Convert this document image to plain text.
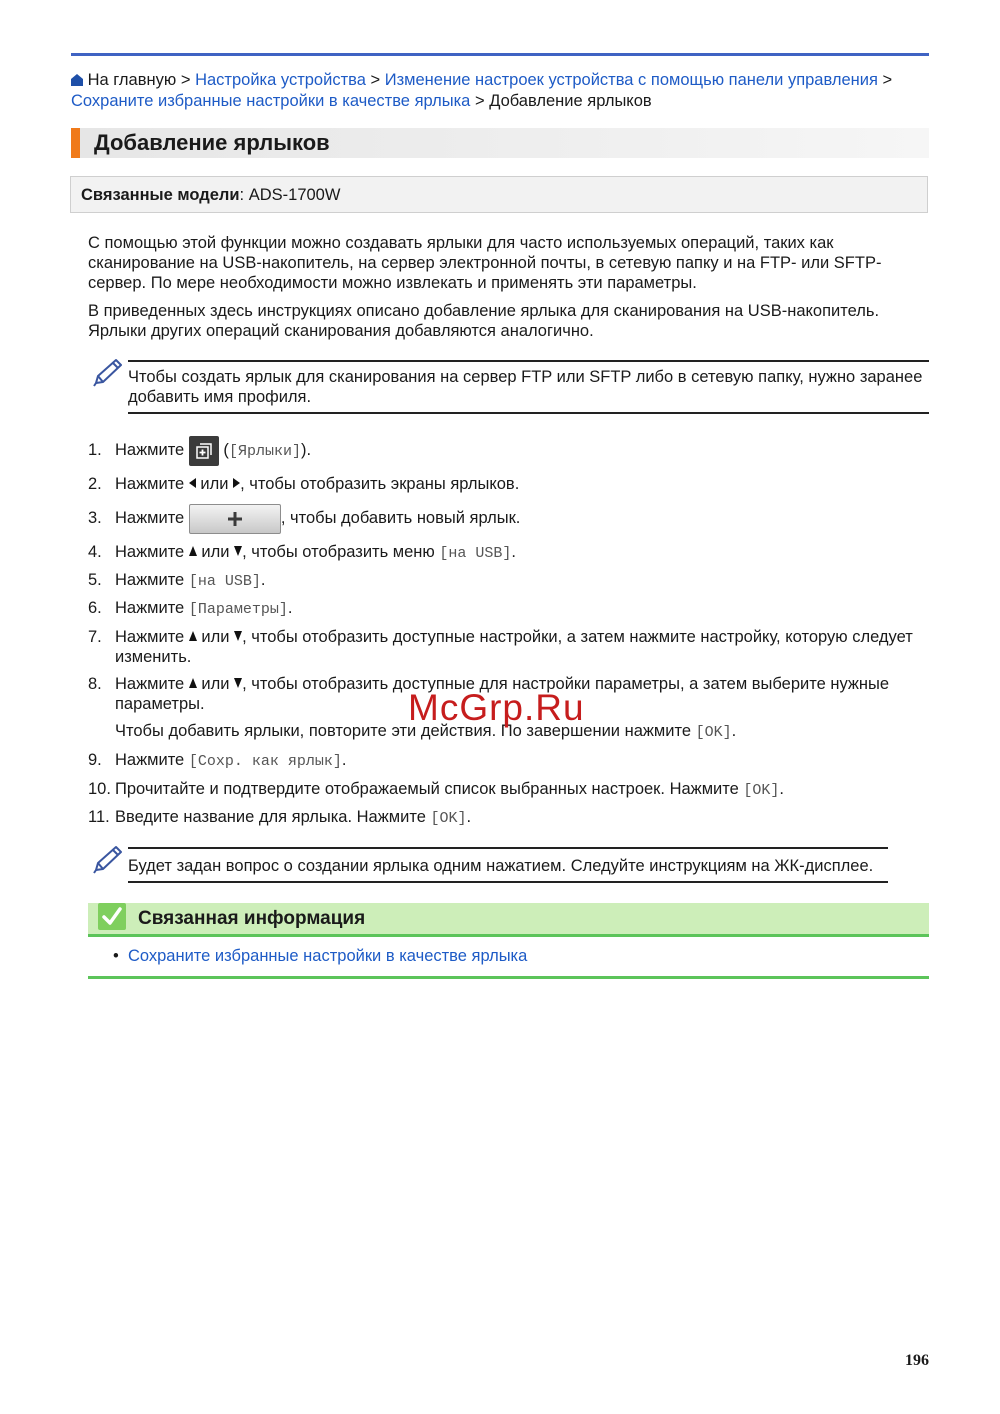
На главную > Настройка устройства > Изменение настроек устройства с помощью панели управления > Сохраните избранные настройки в качестве ярлыка > Добавление ярлыков
Добавление ярлыков
Связанные модели: ADS-1700W
С помощью этой функции можно создавать ярлыки для часто используемых операций, таких как сканирование на USB-накопитель, на сервер электронной почты, в сетевую папку и на FTP- или SFTP-сервер. По мере необходимости можно извлекать и применять эти параметры.
В приведенных здесь инструкциях описано добавление ярлыка для сканирования на USB-накопитель. Ярлыки других операций сканирования добавляются аналогично.
Чтобы создать ярлык для сканирования на сервер FTP или SFTP либо в сетевую папку, нужно заранее добавить имя профиля.
1. Нажмите
([Ярлыки]).
2. Нажмите  или , чтобы отобразить экраны ярлыков.
3. Нажмите	, чтобы добавить новый ярлык.
4. Нажмите  или , чтобы отобразить меню [на USB].
5. Нажмите [на USB].
6. Нажмите [Параметры].
7. Нажмите  или , чтобы отобразить доступные настройки, а затем нажмите настройку, которую следует изменить.
8. Нажмите  или , чтобы отобразить доступные для настройки параметры, а затем выберите нужные параметры.
Чтобы добавить ярлыки, повторите эти действия. По завершении нажмите [OK].
9. Нажмите [Сохр. как ярлык].
10. Прочитайте и подтвердите отображаемый список выбранных настроек. Нажмите [OK].
11. Введите название для ярлыка. Нажмите [OK].
Будет задан вопрос о создании ярлыка одним нажатием. Следуйте инструкциям на ЖК-дисплее.
Связанная информация
• Сохраните избранные настройки в качестве ярлыка
McGrp.Ru
196
